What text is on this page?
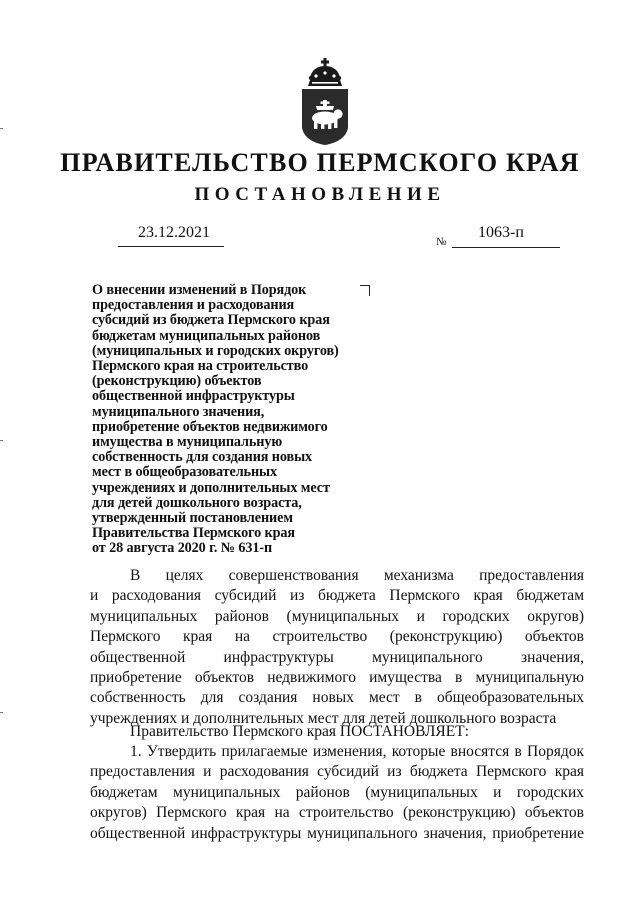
ПРАВИТЕЛЬСТВО ПЕРМСКОГО КРАЯ
ПОСТАНОВЛЕНИЕ
23.12.2021
№
1063-п
О внесении изменений в Порядок
предоставления и расходования
субсидий из бюджета Пермского края
бюджетам муниципальных районов
(муниципальных и городских округов)
Пермского края на строительство
(реконструкцию) объектов
общественной инфраструктуры
муниципального значения,
приобретение объектов недвижимого
имущества в муниципальную
собственность для создания новых
мест в общеобразовательных
учреждениях и дополнительных мест
для детей дошкольного возраста,
утвержденный постановлением
Правительства Пермского края
от 28 августа 2020 г. № 631-п
В целях совершенствования механизма предоставления
и расходования субсидий из бюджета Пермского края бюджетам
муниципальных районов (муниципальных и городских округов)
Пермского края на строительство (реконструкцию) объектов
общественной инфраструктуры муниципального значения,
приобретение объектов недвижимого имущества в муниципальную
собственность для создания новых мест в общеобразовательных
учреждениях и дополнительных мест для детей дошкольного возраста
Правительство Пермского края ПОСТАНОВЛЯЕТ:
1. Утвердить прилагаемые изменения, которые вносятся в Порядок
предоставления и расходования субсидий из бюджета Пермского края
бюджетам муниципальных районов (муниципальных и городских
округов) Пермского края на строительство (реконструкцию) объектов
общественной инфраструктуры муниципального значения, приобретение
